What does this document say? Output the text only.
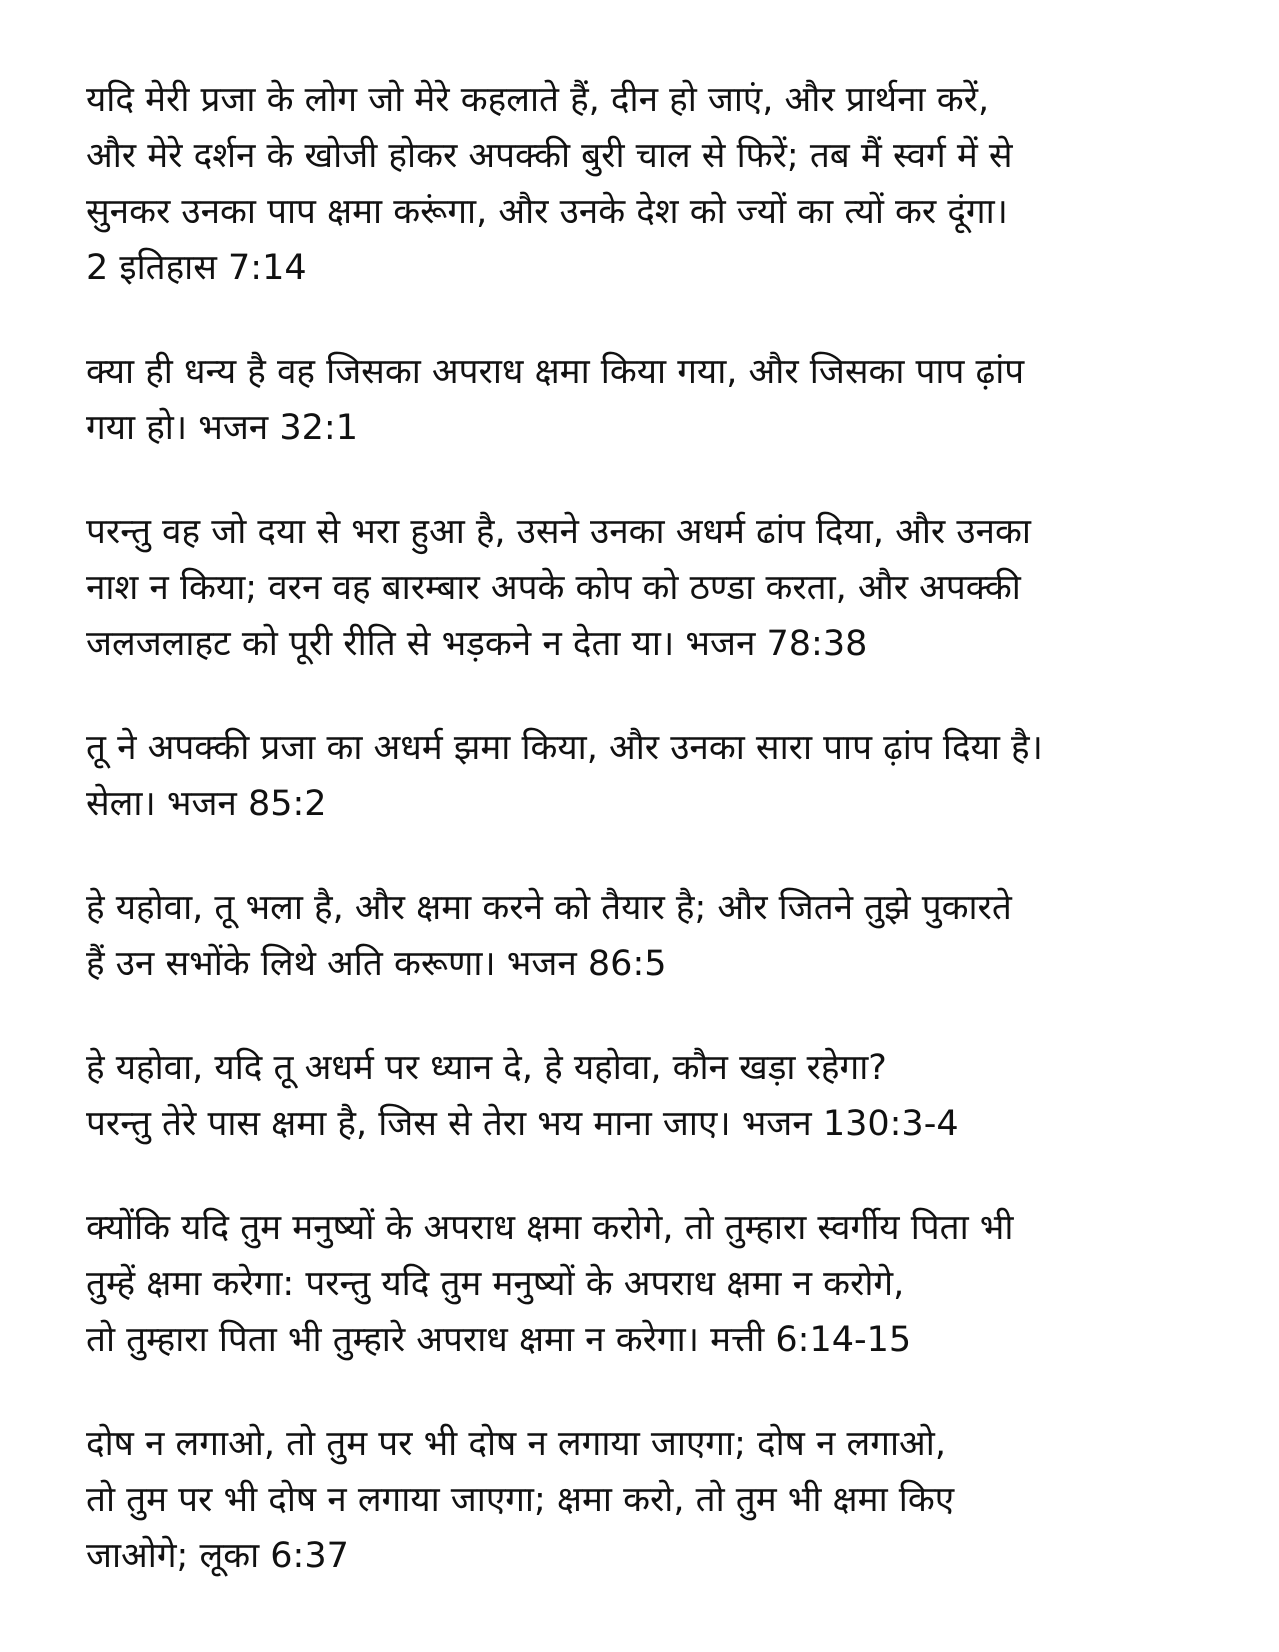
यदि मेरी प्रजा के लोग जो मेरे कहलाते हैं, दीन हो जाएं, और प्रार्थना करें,
और मेरे दर्शन के खोजी होकर अपक्की बुरी चाल से फिरें; तब मैं स्वर्ग में से
सुनकर उनका पाप क्षमा करूंगा, और उनके देश को ज्यों का त्यों कर दूंगा।
2 इतिहास 7:14
क्या ही धन्य है वह जिसका अपराध क्षमा किया गया, और जिसका पाप ढ़ांप
गया हो। भजन 32:1
परन्तु वह जो दया से भरा हुआ है, उसने उनका अधर्म ढांप दिया, और उनका
नाश न किया; वरन वह बारम्बार अपके कोप को ठण्डा करता, और अपक्की
जलजलाहट को पूरी रीति से भड़कने न देता या। भजन 78:38
तू ने अपक्की प्रजा का अधर्म झमा किया, और उनका सारा पाप ढ़ांप दिया है।
सेला। भजन 85:2
हे यहोवा, तू भला है, और क्षमा करने को तैयार है; और जितने तुझे पुकारते
हैं उन सभोंके लिथे अति करूणा। भजन 86:5
हे यहोवा, यदि तू अधर्म पर ध्यान दे, हे यहोवा, कौन खड़ा रहेगा?
परन्तु तेरे पास क्षमा है, जिस से तेरा भय माना जाए। भजन 130:3-4
क्योंकि यदि तुम मनुष्यों के अपराध क्षमा करोगे, तो तुम्हारा स्वर्गीय पिता भी
तुम्हें क्षमा करेगा: परन्तु यदि तुम मनुष्यों के अपराध क्षमा न करोगे,
तो तुम्हारा पिता भी तुम्हारे अपराध क्षमा न करेगा। मत्ती 6:14-15
दोष न लगाओ, तो तुम पर भी दोष न लगाया जाएगा; दोष न लगाओ,
तो तुम पर भी दोष न लगाया जाएगा; क्षमा करो, तो तुम भी क्षमा किए
जाओगे; लूका 6:37
